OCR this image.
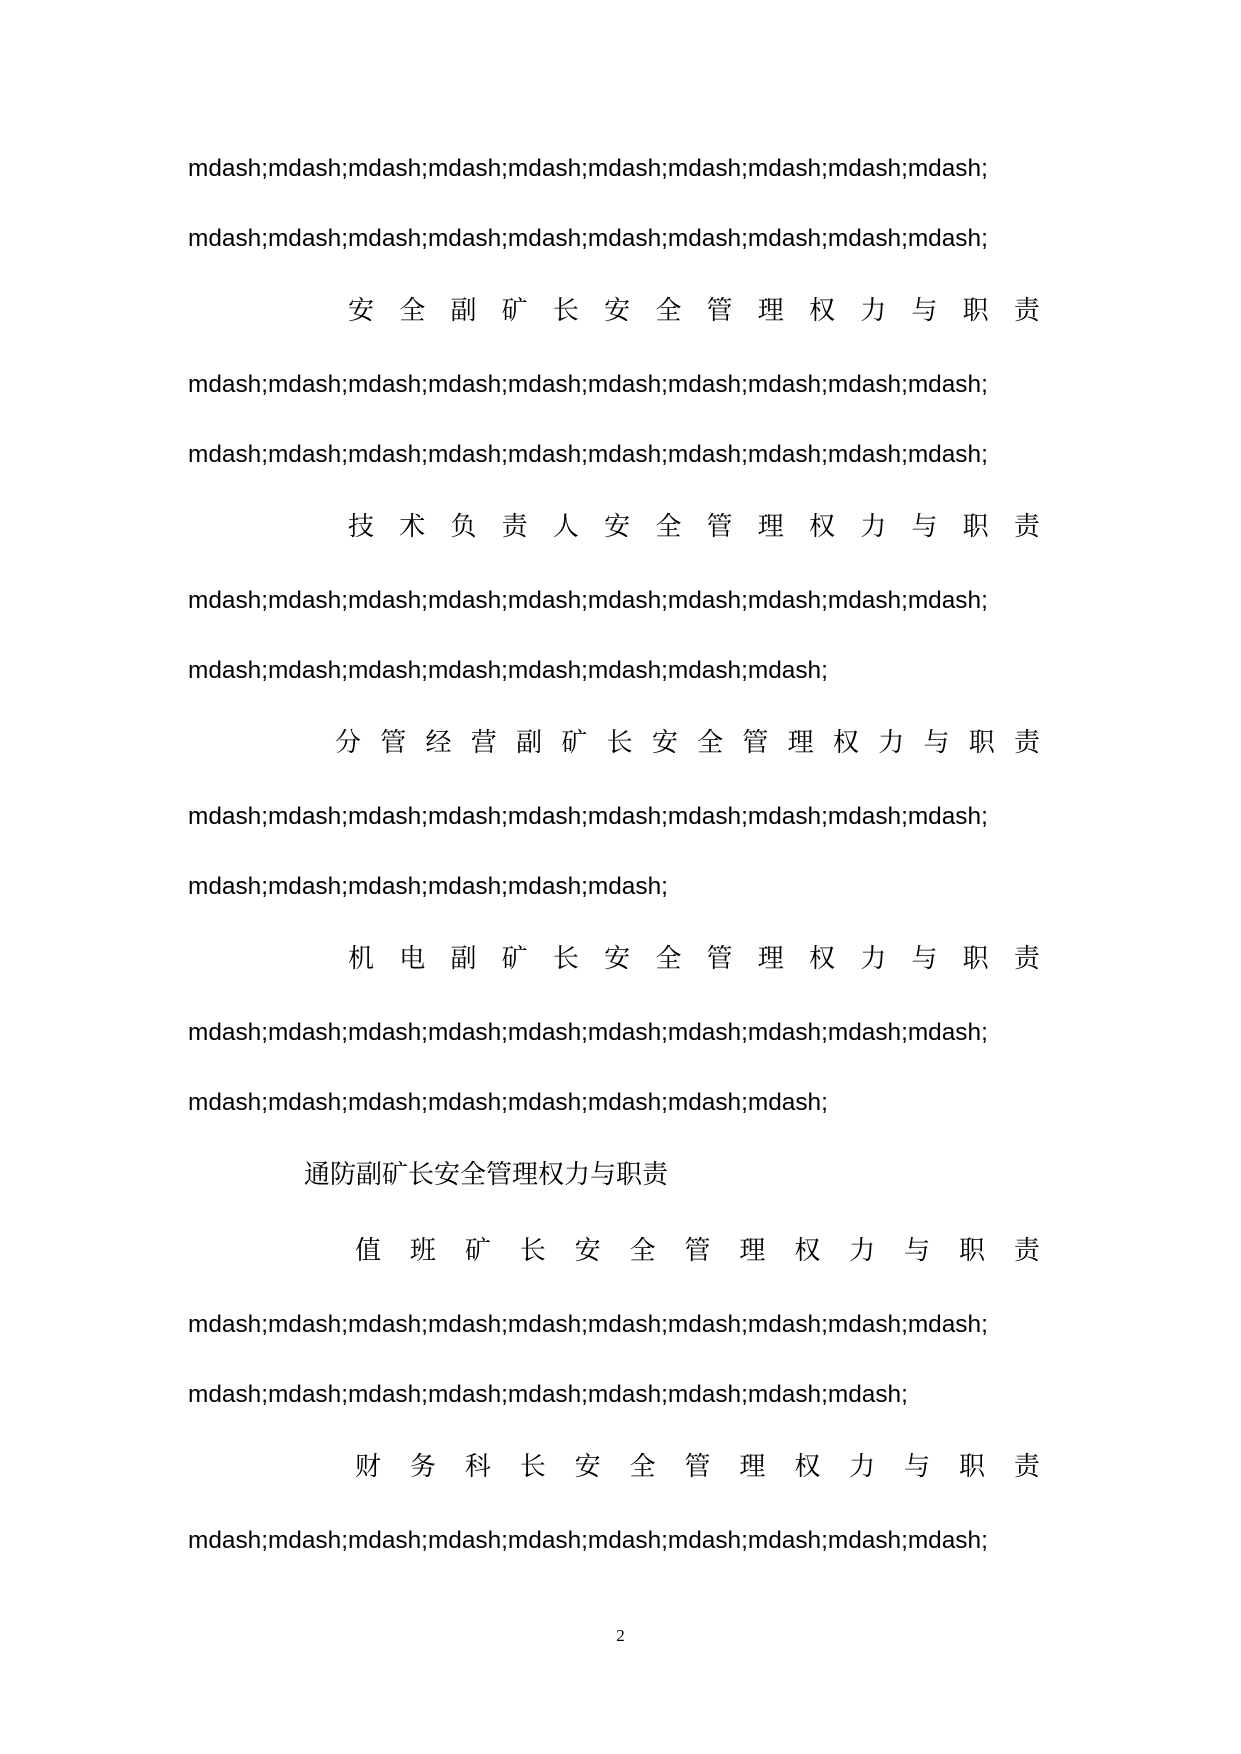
mdash;mdash;mdash;mdash;mdash;mdash;mdash;mdash;mdash;mdash;
mdash;mdash;mdash;mdash;mdash;mdash;mdash;mdash;mdash;mdash;
安 全 副 矿 长 安 全 管 理 权 力 与 职 责
mdash;mdash;mdash;mdash;mdash;mdash;mdash;mdash;mdash;mdash;
mdash;mdash;mdash;mdash;mdash;mdash;mdash;mdash;mdash;mdash;
技 术 负 责 人 安 全 管 理 权 力 与 职 责
mdash;mdash;mdash;mdash;mdash;mdash;mdash;mdash;mdash;mdash;
mdash;mdash;mdash;mdash;mdash;mdash;mdash;mdash;
分 管 经 营 副 矿 长 安 全 管 理 权 力 与 职 责
mdash;mdash;mdash;mdash;mdash;mdash;mdash;mdash;mdash;mdash;
mdash;mdash;mdash;mdash;mdash;mdash;
机 电 副 矿 长 安 全 管 理 权 力 与 职 责
mdash;mdash;mdash;mdash;mdash;mdash;mdash;mdash;mdash;mdash;
mdash;mdash;mdash;mdash;mdash;mdash;mdash;mdash;
通防副矿长安全管理权力与职责
值 班 矿 长 安 全 管 理 权 力 与 职 责
mdash;mdash;mdash;mdash;mdash;mdash;mdash;mdash;mdash;mdash;
mdash;mdash;mdash;mdash;mdash;mdash;mdash;mdash;mdash;
财 务 科 长 安 全 管 理 权 力 与 职 责
mdash;mdash;mdash;mdash;mdash;mdash;mdash;mdash;mdash;mdash;
2
